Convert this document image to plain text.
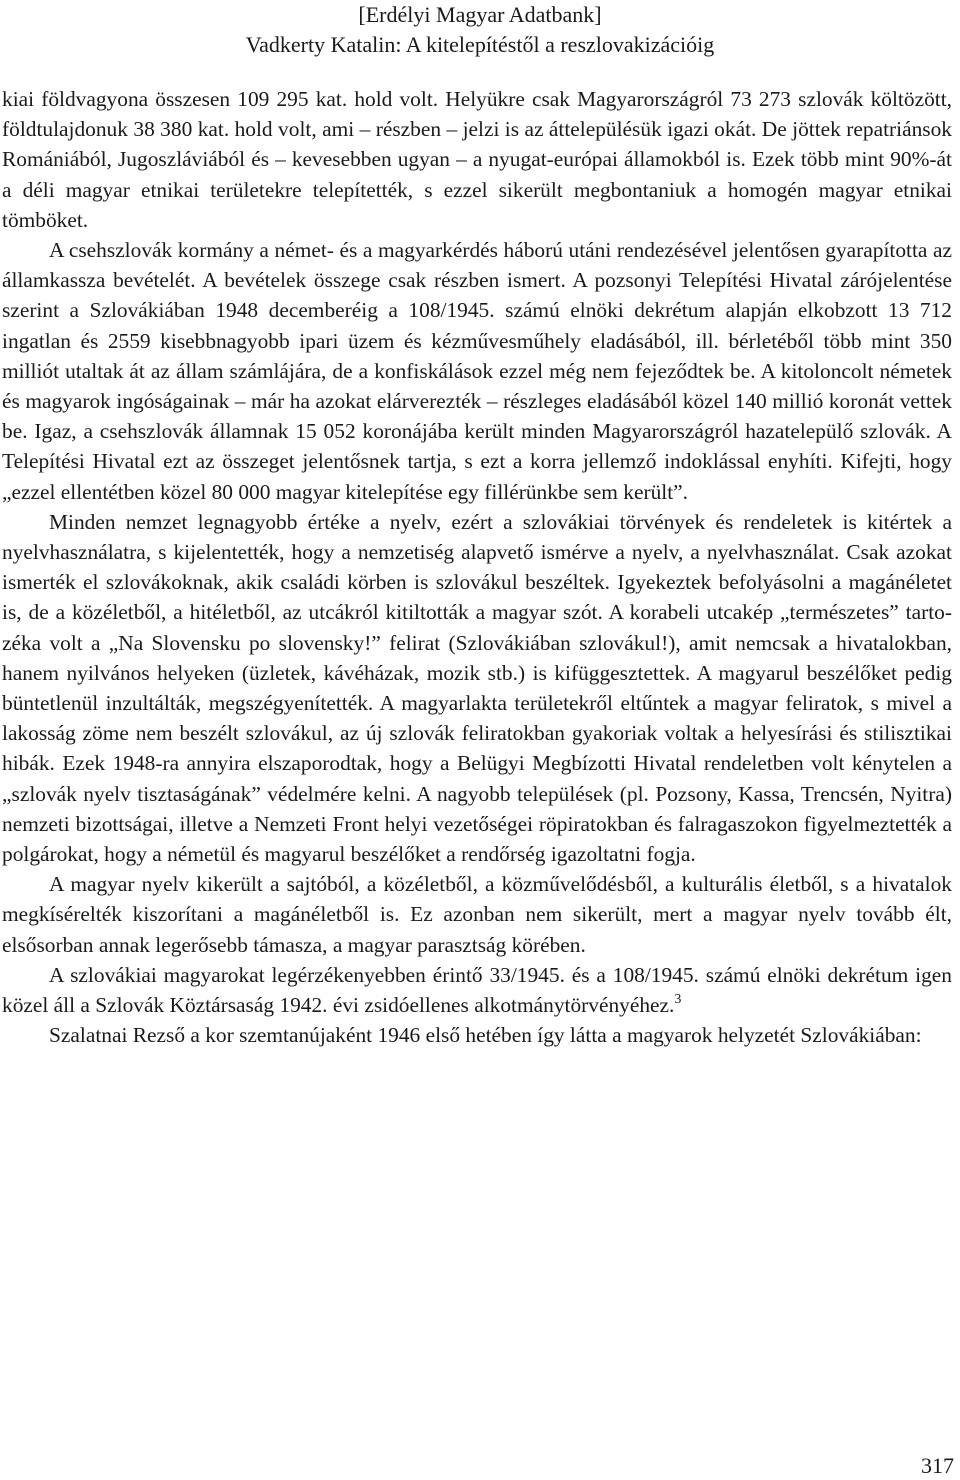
[Erdélyi Magyar Adatbank]
Vadkerty Katalin: A kitelepítéstől a reszlovakizációig

kiai földvagyona összesen 109 295 kat. hold volt. Helyükre csak Magyarországról 73 273 szlovák költözött, földtulajdonuk 38 380 kat. hold volt, ami – részben – jelzi is az áttelepülésük igazi okát. De jöttek repatriánsok Romániából, Jugoszláviából és – kevesebben ugyan – a nyugat-európai államokból is. Ezek több mint 90%-át a déli magyar etnikai területekre telepítették, s ezzel sikerült megbontaniuk a homogén magyar etnikai tömböket.

A csehszlovák kormány a német- és a magyarkérdés háború utáni rendezésével jelentősen gyarapította az államkassza bevételét. A bevételek összege csak részben ismert. A pozsonyi Telepítési Hivatal zárójelentése szerint a Szlovákiában 1948 decemberéig a 108/1945. számú elnöki dekrétum alapján elkobzott 13 712 ingatlan és 2559 kisebbnagyobb ipari üzem és kézművesműhely eladásából, ill. bérletéből több mint 350 milliót utaltak át az állam számlájára, de a konfiskálások ezzel még nem fejeződtek be. A kitoloncolt németek és magyarok ingóságainak – már ha azokat elárverezték – részleges eladásából közel 140 millió koronát vettek be. Igaz, a csehszlovák államnak 15 052 koronájába került minden Magyarországról hazatelepülő szlovák. A Telepítési Hivatal ezt az összeget jelentősnek tartja, s ezt a korra jellemző indoklással enyhíti. Kifejti, hogy „ezzel ellentétben közel 80 000 magyar kitelepítése egy fillérünkbe sem került”.

Minden nemzet legnagyobb értéke a nyelv, ezért a szlovákiai törvények és rendeletek is kitértek a nyelvhasználatra, s kijelentették, hogy a nemzetiség alapvető ismérve a nyelv, a nyelvhasználat. Csak azokat ismerték el szlovákoknak, akik családi körben is szlovákul beszéltek. Igyekeztek befolyásolni a magánéletet is, de a közéletből, a hitéletből, az utcákról kitiltották a magyar szót. A korabeli utcakép „természetes” tartozéka volt a „Na Slovensku po slovensky!” felirat (Szlovákiában szlovákul!), amit nemcsak a hivatalokban, hanem nyilvános helyeken (üzletek, kávéházak, mozik stb.) is kifüggesztettek. A magyarul beszélőket pedig büntetlenül inzultálták, megszégyenítették. A magyarlakta területekről eltűntek a magyar feliratok, s mivel a lakosság zöme nem beszélt szlovákul, az új szlovák feliratokban gyakoriak voltak a helyesírási és stilisztikai hibák. Ezek 1948-ra annyira elszaporodtak, hogy a Belügyi Megbízotti Hivatal rendeletben volt kénytelen a „szlovák nyelv tisztaságának” védelmére kelni. A nagyobb települések (pl. Pozsony, Kassa, Trencsén, Nyitra) nemzeti bizottságai, illetve a Nemzeti Front helyi vezetőségei röpiratokban és falragaszokon figyelmeztették a polgárokat, hogy a németül és magyarul beszélőket a rendőrség igazoltatni fogja.

A magyar nyelv kikerült a sajtóból, a közéletből, a közművelődésből, a kulturális életből, s a hivatalok megkísérelték kiszorítani a magánéletből is. Ez azonban nem sikerült, mert a magyar nyelv tovább élt, elsősorban annak legerősebb támasza, a magyar parasztság körében.

A szlovákiai magyarokat legérzékenyebben érintő 33/1945. és a 108/1945. számú elnöki dekrétum igen közel áll a Szlovák Köztársaság 1942. évi zsidóellenes alkotmánytörvényéhez.$^3$

Szalatnai Rezső a kor szemtanújaként 1946 első hetében így látta a magyarok helyzetét Szlovákiában:

317
